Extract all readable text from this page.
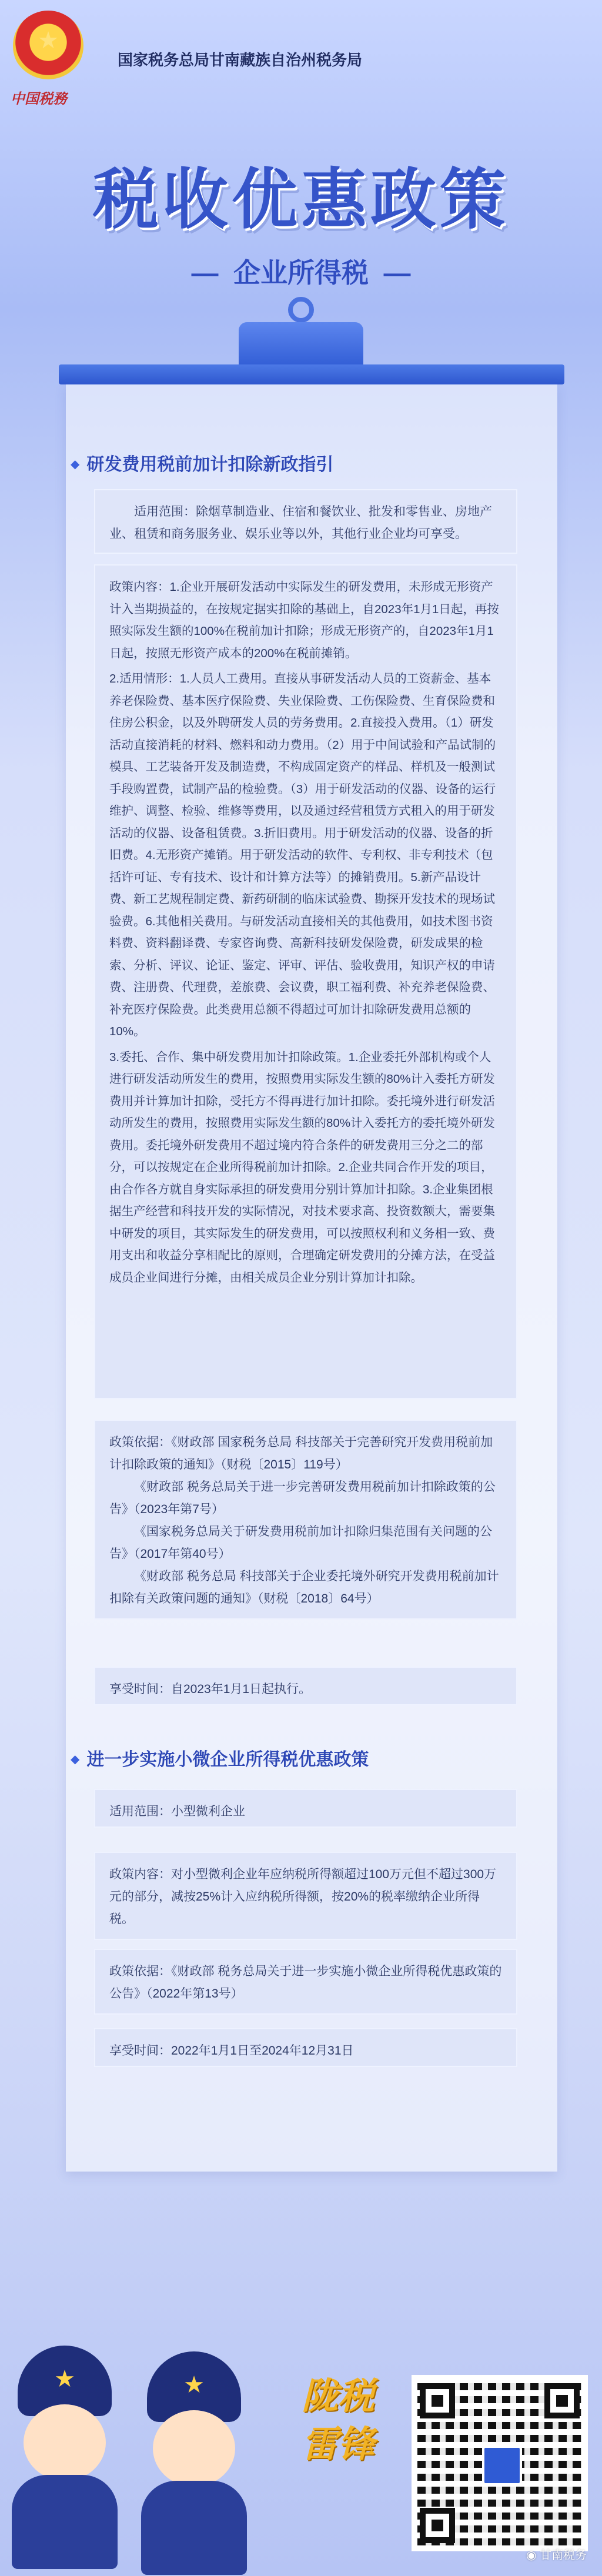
★
国家税务总局甘南藏族自治州税务局
中国税務
税收优惠政策
—  企业所得税  —
◆ 研发费用税前加计扣除新政指引

适用范围：除烟草制造业、住宿和餐饮业、批发和零售业、房地产业、租赁和商务服务业、娱乐业等以外，其他行业企业均可享受。

政策内容：1.企业开展研发活动中实际发生的研发费用，未形成无形资产计入当期损益的，在按规定据实扣除的基础上，自2023年1月1日起，再按照实际发生额的100%在税前加计扣除；形成无形资产的，自2023年1月1日起，按照无形资产成本的200%在税前摊销。

2.适用情形：1.人员人工费用。直接从事研发活动人员的工资薪金、基本养老保险费、基本医疗保险费、失业保险费、工伤保险费、生育保险费和住房公积金，以及外聘研发人员的劳务费用。2.直接投入费用。（1）研发活动直接消耗的材料、燃料和动力费用。（2）用于中间试验和产品试制的模具、工艺装备开发及制造费，不构成固定资产的样品、样机及一般测试手段购置费，试制产品的检验费。（3）用于研发活动的仪器、设备的运行维护、调整、检验、维修等费用，以及通过经营租赁方式租入的用于研发活动的仪器、设备租赁费。3.折旧费用。用于研发活动的仪器、设备的折旧费。4.无形资产摊销。用于研发活动的软件、专利权、非专利技术（包括许可证、专有技术、设计和计算方法等）的摊销费用。5.新产品设计费、新工艺规程制定费、新药研制的临床试验费、勘探开发技术的现场试验费。6.其他相关费用。与研发活动直接相关的其他费用，如技术图书资料费、资料翻译费、专家咨询费、高新科技研发保险费，研发成果的检索、分析、评议、论证、鉴定、评审、评估、验收费用，知识产权的申请费、注册费、代理费，差旅费、会议费，职工福利费、补充养老保险费、补充医疗保险费。此类费用总额不得超过可加计扣除研发费用总额的10%。

3.委托、合作、集中研发费用加计扣除政策。1.企业委托外部机构或个人进行研发活动所发生的费用，按照费用实际发生额的80%计入委托方研发费用并计算加计扣除，受托方不得再进行加计扣除。委托境外进行研发活动所发生的费用，按照费用实际发生额的80%计入委托方的委托境外研发费用。委托境外研发费用不超过境内符合条件的研发费用三分之二的部分，可以按规定在企业所得税前加计扣除。2.企业共同合作开发的项目，由合作各方就自身实际承担的研发费用分别计算加计扣除。3.企业集团根据生产经营和科技开发的实际情况，对技术要求高、投资数额大，需要集中研发的项目，其实际发生的研发费用，可以按照权利和义务相一致、费用支出和收益分享相配比的原则，合理确定研发费用的分摊方法，在受益成员企业间进行分摊，由相关成员企业分别计算加计扣除。

政策依据：《财政部 国家税务总局 科技部关于完善研究开发费用税前加计扣除政策的通知》（财税〔2015〕119号）

《财政部 税务总局关于进一步完善研发费用税前加计扣除政策的公告》（2023年第7号）

《国家税务总局关于研发费用税前加计扣除归集范围有关问题的公告》（2017年第40号）

《财政部 税务总局 科技部关于企业委托境外研究开发费用税前加计扣除有关政策问题的通知》（财税〔2018〕64号）

享受时间：自2023年1月1日起执行。

◆ 进一步实施小微企业所得税优惠政策

适用范围：小型微利企业

政策内容：对小型微利企业年应纳税所得额超过100万元但不超过300万元的部分，减按25%计入应纳税所得额，按20%的税率缴纳企业所得税。

政策依据：《财政部 税务总局关于进一步实施小微企业所得税优惠政策的公告》（2022年第13号）

享受时间：2022年1月1日至2024年12月31日

★
★
陇税雷锋
◉ 甘南税务
